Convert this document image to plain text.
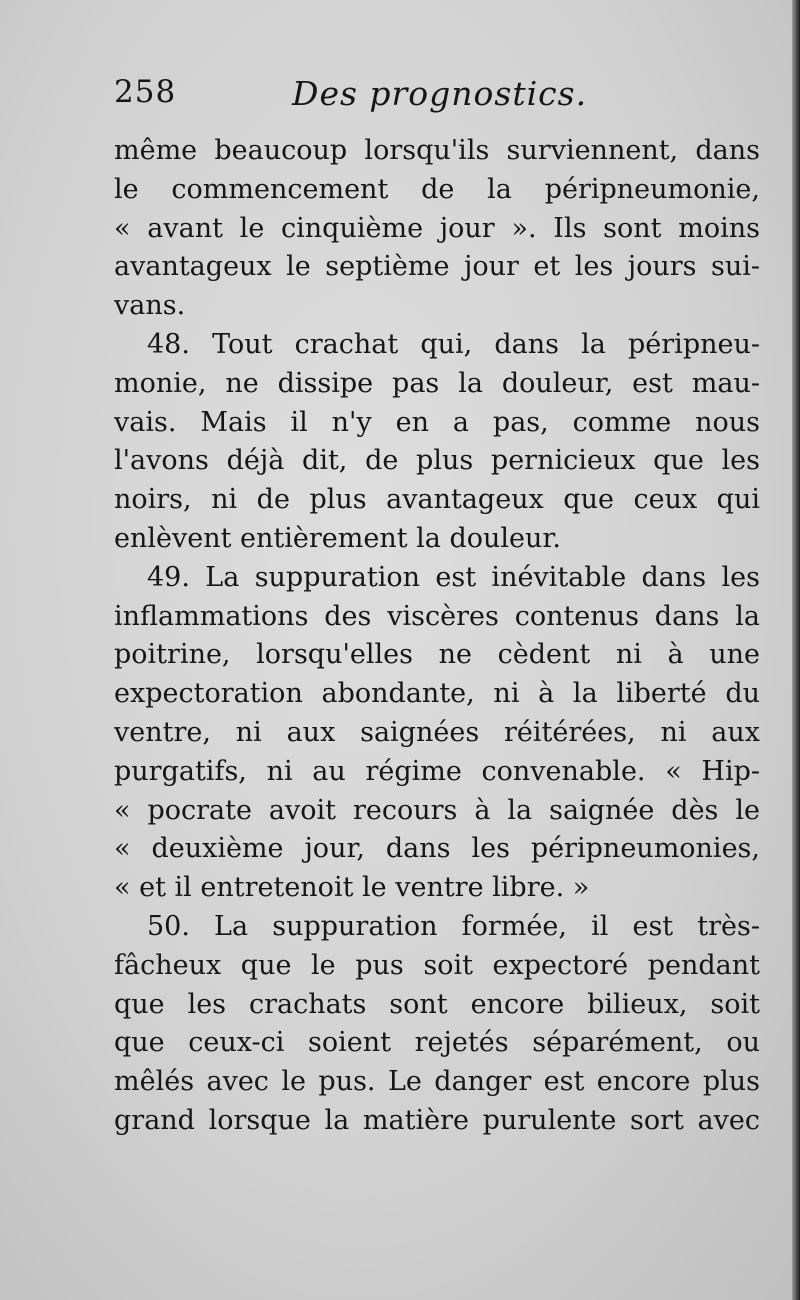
258	Des prognostics.
même beaucoup lorsqu'ils surviennent, dans
le commencement de la péripneumonie,
« avant le cinquième jour ». Ils sont moins
avantageux le septième jour et les jours sui-
vans.
48. Tout crachat qui, dans la péripneu-
monie, ne dissipe pas la douleur, est mau-
vais. Mais il n'y en a pas, comme nous
l'avons déjà dit, de plus pernicieux que les
noirs, ni de plus avantageux que ceux qui
enlèvent entièrement la douleur.
49. La suppuration est inévitable dans les
inflammations des viscères contenus dans la
poitrine, lorsqu'elles ne cèdent ni à une
expectoration abondante, ni à la liberté du
ventre, ni aux saignées réitérées, ni aux
purgatifs, ni au régime convenable. « Hip-
« pocrate avoit recours à la saignée dès le
« deuxième jour, dans les péripneumonies,
« et il entretenoit le ventre libre. »
50. La suppuration formée, il est très-
fâcheux que le pus soit expectoré pendant
que les crachats sont encore bilieux, soit
que ceux-ci soient rejetés séparément, ou
mêlés avec le pus. Le danger est encore plus
grand lorsque la matière purulente sort avec
